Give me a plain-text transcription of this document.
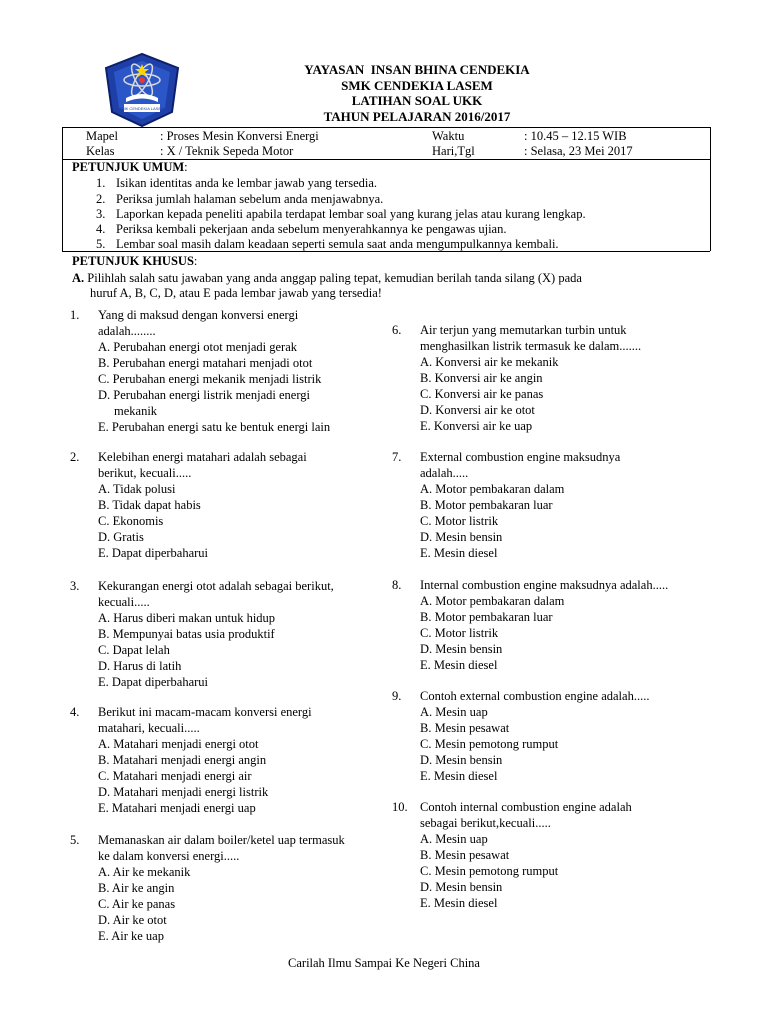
SMK CENDEKIA LASEM
YAYASAN  INSAN BHINA CENDEKIA
SMK CENDEKIA LASEM
LATIHAN SOAL UKK
TAHUN PELAJARAN 2016/2017
Mapel	: Proses Mesin Konversi Energi	Waktu	: 10.45 – 12.15 WIB
Kelas	: X / Teknik Sepeda Motor	Hari,Tgl	: Selasa, 23 Mei 2017
PETUNJUK UMUM:
1. Isikan identitas anda ke lembar jawab yang tersedia.
2. Periksa jumlah halaman sebelum anda menjawabnya.
3. Laporkan kepada peneliti apabila terdapat lembar soal yang kurang jelas atau kurang lengkap.
4. Periksa kembali pekerjaan anda sebelum menyerahkannya ke pengawas ujian.
5. Lembar soal masih dalam keadaan seperti semula saat anda mengumpulkannya kembali.
PETUNJUK KHUSUS:
A. Pilihlah salah satu jawaban yang anda anggap paling tepat, kemudian berilah tanda silang (X) pada
huruf A, B, C, D, atau E pada lembar jawab yang tersedia!
1. Yang di maksud dengan konversi energi
adalah........
A. Perubahan energi otot menjadi gerak
B. Perubahan energi matahari menjadi otot
C. Perubahan energi mekanik menjadi listrik
D. Perubahan energi listrik menjadi energi
mekanik
E. Perubahan energi satu ke bentuk energi lain
2. Kelebihan energi matahari adalah sebagai
berikut, kecuali.....
A. Tidak polusi
B. Tidak dapat habis
C. Ekonomis
D. Gratis
E. Dapat diperbaharui
3. Kekurangan energi otot adalah sebagai berikut,
kecuali.....
A. Harus diberi makan untuk hidup
B. Mempunyai batas usia produktif
C. Dapat lelah
D. Harus di latih
E. Dapat diperbaharui
4. Berikut ini macam-macam konversi energi
matahari, kecuali.....
A. Matahari menjadi energi otot
B. Matahari menjadi energi angin
C. Matahari menjadi energi air
D. Matahari menjadi energi listrik
E. Matahari menjadi energi uap
5. Memanaskan air dalam boiler/ketel uap termasuk
ke dalam konversi energi.....
A. Air ke mekanik
B. Air ke angin
C. Air ke panas
D. Air ke otot
E. Air ke uap
6. Air terjun yang memutarkan turbin untuk
menghasilkan listrik termasuk ke dalam.......
A. Konversi air ke mekanik
B. Konversi air ke angin
C. Konversi air ke panas
D. Konversi air ke otot
E. Konversi air ke uap
7. External combustion engine maksudnya
adalah.....
A. Motor pembakaran dalam
B. Motor pembakaran luar
C. Motor listrik
D. Mesin bensin
E. Mesin diesel
8. Internal combustion engine maksudnya adalah.....
A. Motor pembakaran dalam
B. Motor pembakaran luar
C. Motor listrik
D. Mesin bensin
E. Mesin diesel
9. Contoh external combustion engine adalah.....
A. Mesin uap
B. Mesin pesawat
C. Mesin pemotong rumput
D. Mesin bensin
E. Mesin diesel
10. Contoh internal combustion engine adalah
sebagai berikut,kecuali.....
A. Mesin uap
B. Mesin pesawat
C. Mesin pemotong rumput
D. Mesin bensin
E. Mesin diesel
Carilah Ilmu Sampai Ke Negeri China
